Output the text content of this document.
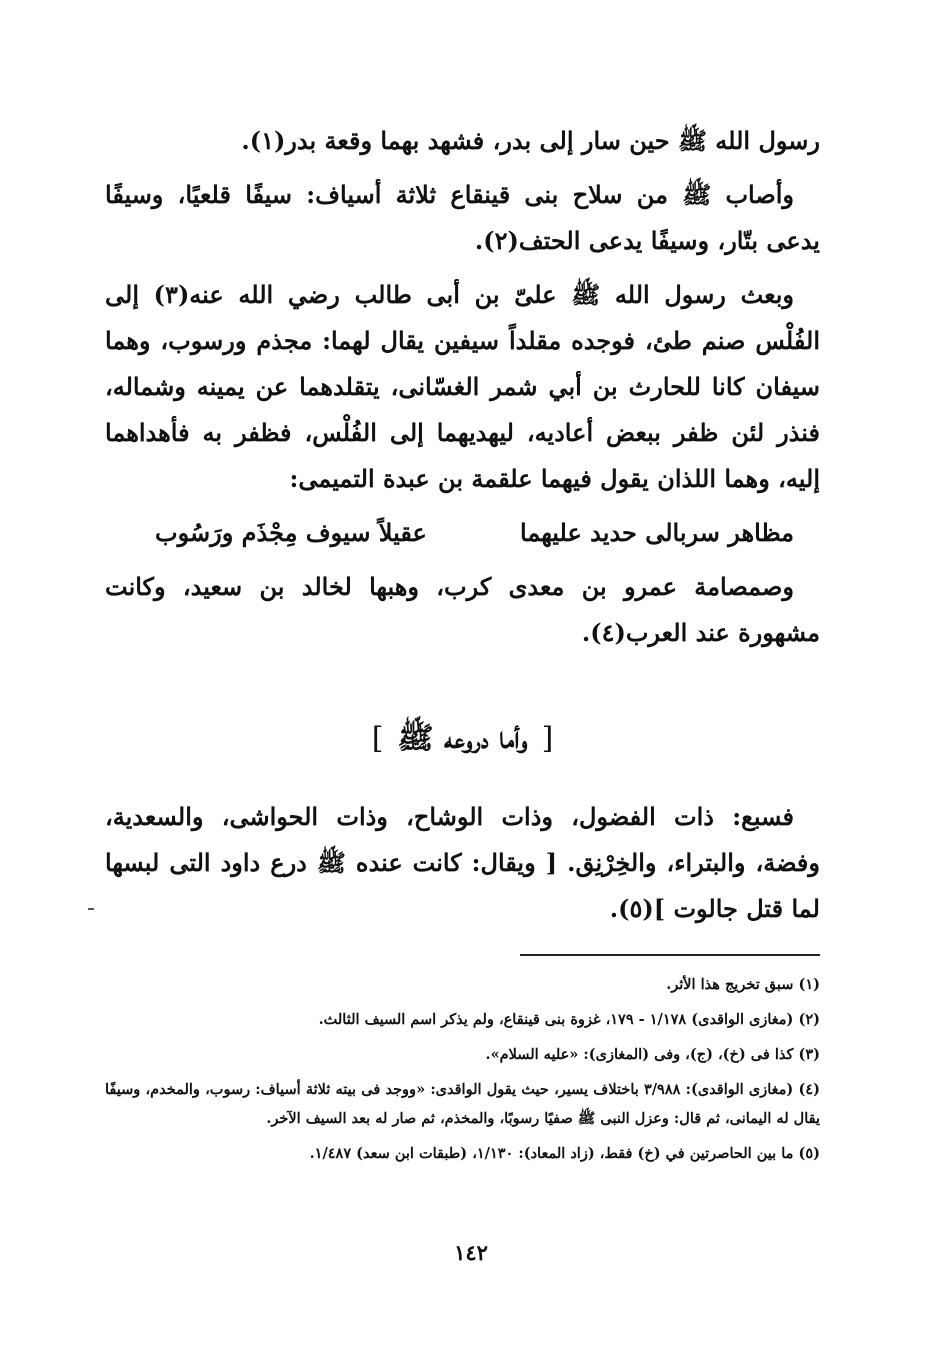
رسول الله ﷺ حين سار إلى بدر، فشهد بهما وقعة بدر(١).

وأصاب ﷺ من سلاح بنى قينقاع ثلاثة أسياف: سيفًا قلعيًا، وسيفًا يدعى بتّار، وسيفًا يدعى الحتف(٢).

وبعث رسول الله ﷺ علىّ بن أبى طالب رضي الله عنه(٣) إلى الفُلْس صنم طئ، فوجده مقلداً سيفين يقال لهما: مجذم ورسوب، وهما سيفان كانا للحارث بن أبي شمر الغسّانى، يتقلدهما عن يمينه وشماله، فنذر لئن ظفر ببعض أعاديه، ليهديهما إلى الفُلْس، فظفر به فأهداهما إليه، وهما اللذان يقول فيهما علقمة بن عبدة التميمى:

مظاهر سربالى حديد عليهما
عقيلاً سيوف مِجْذَم ورَسُوب

وصمصامة عمرو بن معدى كرب، وهبها لخالد بن سعيد، وكانت مشهورة عند العرب(٤).

[وأما دروعه ﷺ]

فسبع: ذات الفضول، وذات الوشاح، وذات الحواشى، والسعدية، وفضة، والبتراء، والخِرْنِق. [ ويقال: كانت عنده ﷺ درع داود التى لبسها لما قتل جالوت ](٥).

(١) سبق تخريج هذا الأثر.

(٢) (مغازى الواقدى) ١/١٧٨ - ١٧٩، غزوة بنى قينقاع، ولم يذكر اسم السيف الثالث.

(٣) كذا فى (خ)، (ج)، وفى (المغازى): «عليه السلام».

(٤) (مغازى الواقدى): ٣/٩٨٨ باختلاف يسير، حيث يقول الواقدى: «ووجد فى بيته ثلاثة أسياف: رسوب، والمخدم، وسيفًا يقال له اليمانى، ثم قال: وعزل النبى ﷺ صفيًا رسوبًا، والمخذم، ثم صار له بعد السيف الآخر.

(٥) ما بين الحاصرتين في (خ) فقط، (زاد المعاد): ١/١٣٠، (طبقات ابن سعد) ١/٤٨٧.

١٤٢
